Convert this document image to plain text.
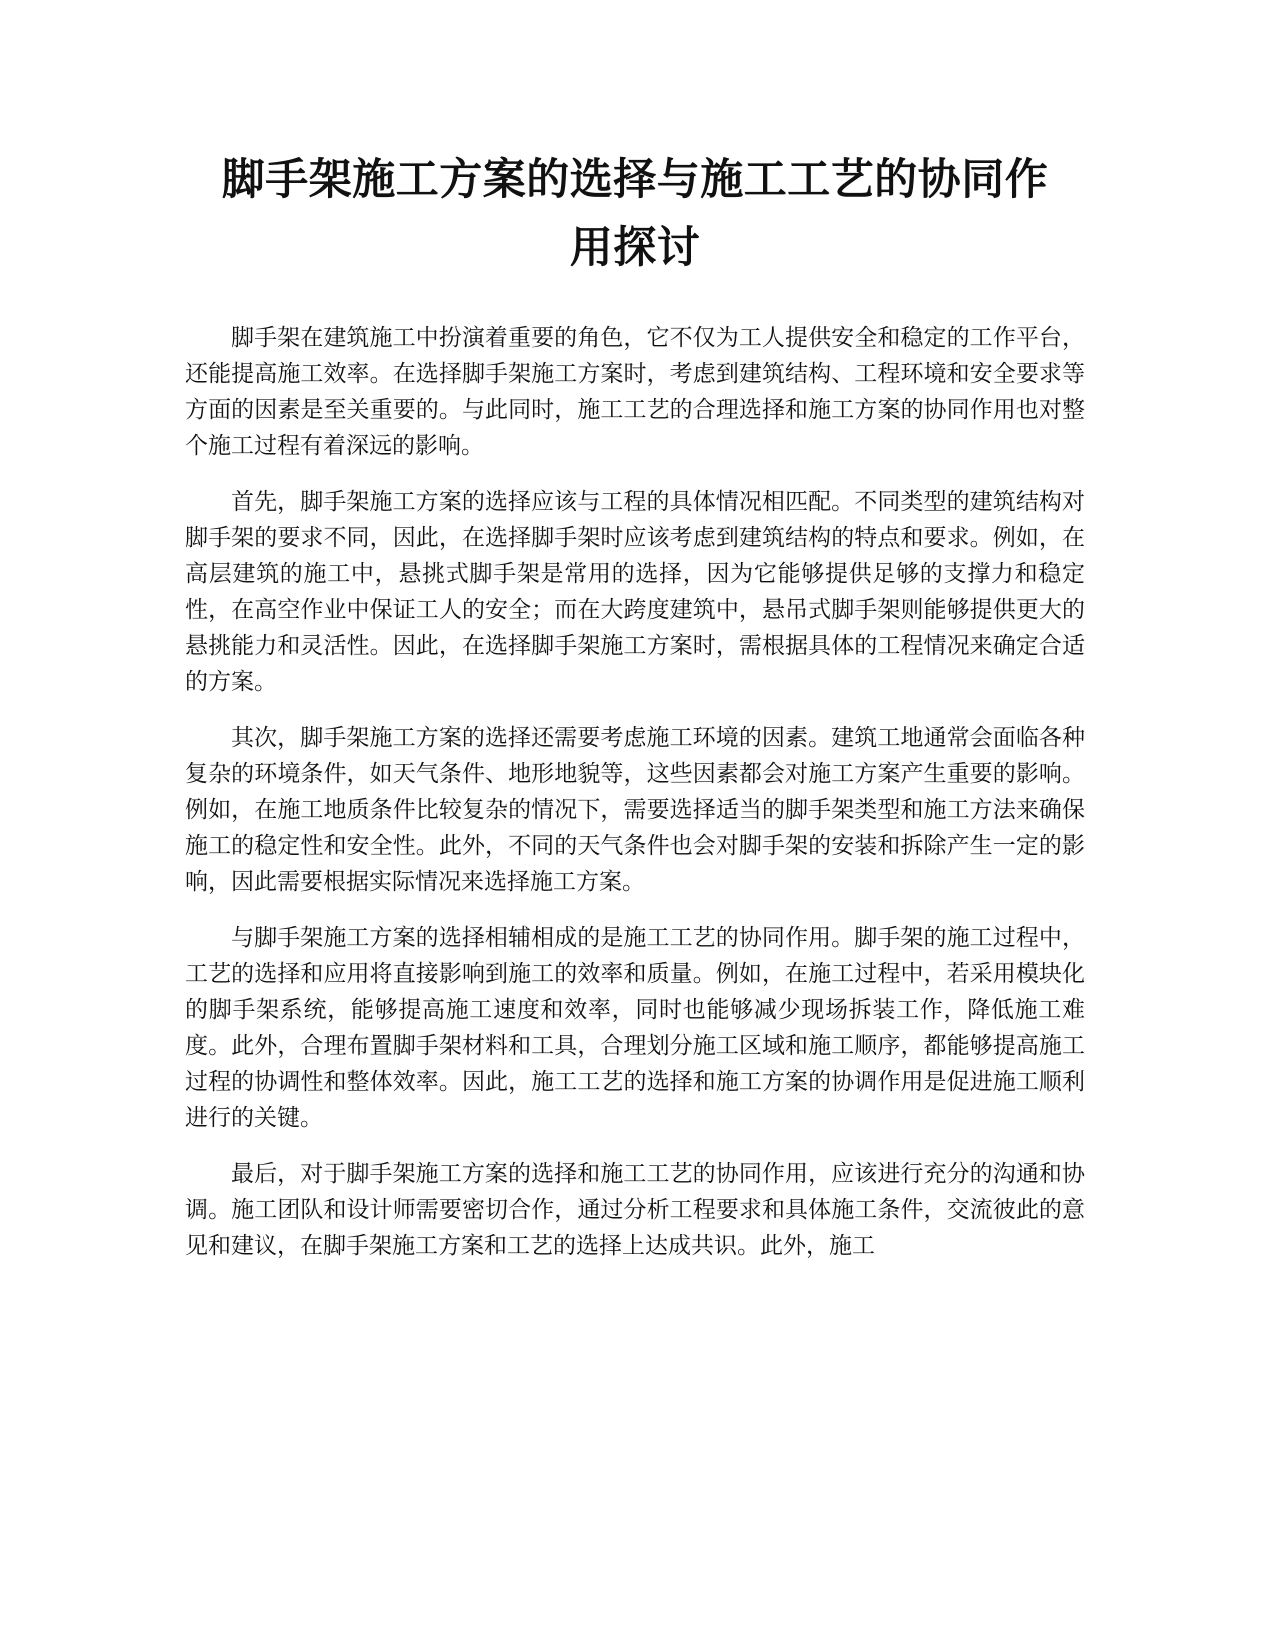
脚手架施工方案的选择与施工工艺的协同作
用探讨

脚手架在建筑施工中扮演着重要的角色，它不仅为工人提供安全和稳定的工作平台，还能提高施工效率。在选择脚手架施工方案时，考虑到建筑结构、工程环境和安全要求等方面的因素是至关重要的。与此同时，施工工艺的合理选择和施工方案的协同作用也对整个施工过程有着深远的影响。

首先，脚手架施工方案的选择应该与工程的具体情况相匹配。不同类型的建筑结构对脚手架的要求不同，因此，在选择脚手架时应该考虑到建筑结构的特点和要求。例如，在高层建筑的施工中，悬挑式脚手架是常用的选择，因为它能够提供足够的支撑力和稳定性，在高空作业中保证工人的安全；而在大跨度建筑中，悬吊式脚手架则能够提供更大的悬挑能力和灵活性。因此，在选择脚手架施工方案时，需根据具体的工程情况来确定合适的方案。

其次，脚手架施工方案的选择还需要考虑施工环境的因素。建筑工地通常会面临各种复杂的环境条件，如天气条件、地形地貌等，这些因素都会对施工方案产生重要的影响。例如，在施工地质条件比较复杂的情况下，需要选择适当的脚手架类型和施工方法来确保施工的稳定性和安全性。此外，不同的天气条件也会对脚手架的安装和拆除产生一定的影响，因此需要根据实际情况来选择施工方案。

与脚手架施工方案的选择相辅相成的是施工工艺的协同作用。脚手架的施工过程中，工艺的选择和应用将直接影响到施工的效率和质量。例如，在施工过程中，若采用模块化的脚手架系统，能够提高施工速度和效率，同时也能够减少现场拆装工作，降低施工难度。此外，合理布置脚手架材料和工具，合理划分施工区域和施工顺序，都能够提高施工过程的协调性和整体效率。因此，施工工艺的选择和施工方案的协调作用是促进施工顺利进行的关键。

最后，对于脚手架施工方案的选择和施工工艺的协同作用，应该进行充分的沟通和协调。施工团队和设计师需要密切合作，通过分析工程要求和具体施工条件，交流彼此的意见和建议，在脚手架施工方案和工艺的选择上达成共识。此外，施工
